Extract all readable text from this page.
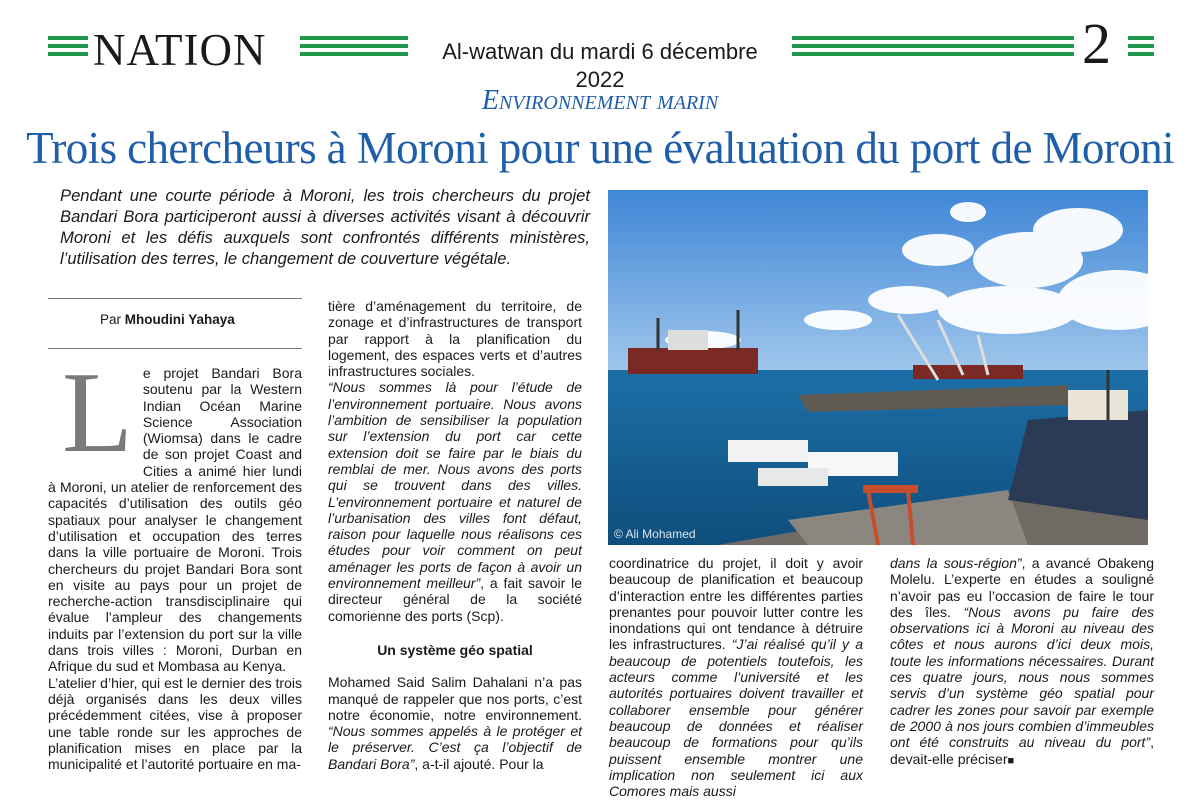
NATION	Al-watwan du mardi 6 décembre 2022
2
Environnement marin
Trois chercheurs à Moroni pour une évaluation du port de Moroni
Pendant une courte période à Moroni, les trois chercheurs du projet Bandari Bora participeront aussi à diverses activités visant à découvrir Moroni et les défis auxquels sont confrontés différents ministères, l’utilisation des terres, le changement de couverture végétale.
Par Mhoudini Yahaya
L e projet Bandari Bora soutenu par la Western Indian Océan Marine Science Association (Wiomsa) dans le cadre de son projet Coast and Cities a animé hier lundi à Moroni, un atelier de renforcement des capacités d’utilisation des outils géo spatiaux pour analyser le changement d’utilisation et occupation des terres dans la ville portuaire de Moroni. Trois chercheurs du projet Bandari Bora sont en visite au pays pour un projet de recherche-action transdisciplinaire qui évalue l’ampleur des changements induits par l’extension du port sur la ville dans trois villes : Moroni, Durban en Afrique du sud et Mombasa au Kenya.

L’atelier d’hier, qui est le dernier des trois déjà organisés dans les deux villes précédemment citées, vise à proposer une table ronde sur les approches de planification mises en place par la municipalité et l’autorité portuaire en ma-

tière d’aménagement du territoire, de zonage et d’infrastructures de transport par rapport à la planification du logement, des espaces verts et d’autres infrastructures sociales.

“Nous sommes là pour l’étude de l’environnement portuaire. Nous avons l’ambition de sensibiliser la population sur l’extension du port car cette extension doit se faire par le biais du remblai de mer. Nous avons des ports qui se trouvent dans des villes. L’environnement portuaire et naturel de l’urbanisation des villes font défaut, raison pour laquelle nous réalisons ces études pour voir comment on peut aménager les ports de façon à avoir un environnement meilleur”, a fait savoir le directeur général de la société comorienne des ports (Scp).

Un système géo spatial

Mohamed Said Salim Dahalani n’a pas manqué de rappeler que nos ports, c’est notre économie, notre environnement. “Nous sommes appelés à le protéger et le préserver. C’est ça l’objectif de Bandari Bora”, a-t-il ajouté. Pour la

© Ali Mohamed

coordinatrice du projet, il doit y avoir beaucoup de planification et beaucoup d’interaction entre les différentes parties prenantes pour pouvoir lutter contre les inondations qui ont tendance à détruire les infrastructures. “J’ai réalisé qu’il y a beaucoup de potentiels toutefois, les acteurs comme l’université et les autorités portuaires doivent travailler et collaborer ensemble pour générer beaucoup de données et réaliser beaucoup de formations pour qu’ils puissent ensemble montrer une implication non seulement ici aux Comores mais aussi

dans la sous-région”, a avancé Obakeng Molelu. L’experte en études a souligné n’avoir pas eu l’occasion de faire le tour des îles. “Nous avons pu faire des observations ici à Moroni au niveau des côtes et nous aurons d’ici deux mois, toute les informations nécessaires. Durant ces quatre jours, nous nous sommes servis d’un système géo spatial pour cadrer les zones pour savoir par exemple de 2000 à nos jours combien d’immeubles ont été construits au niveau du port”, devait-elle préciser■
